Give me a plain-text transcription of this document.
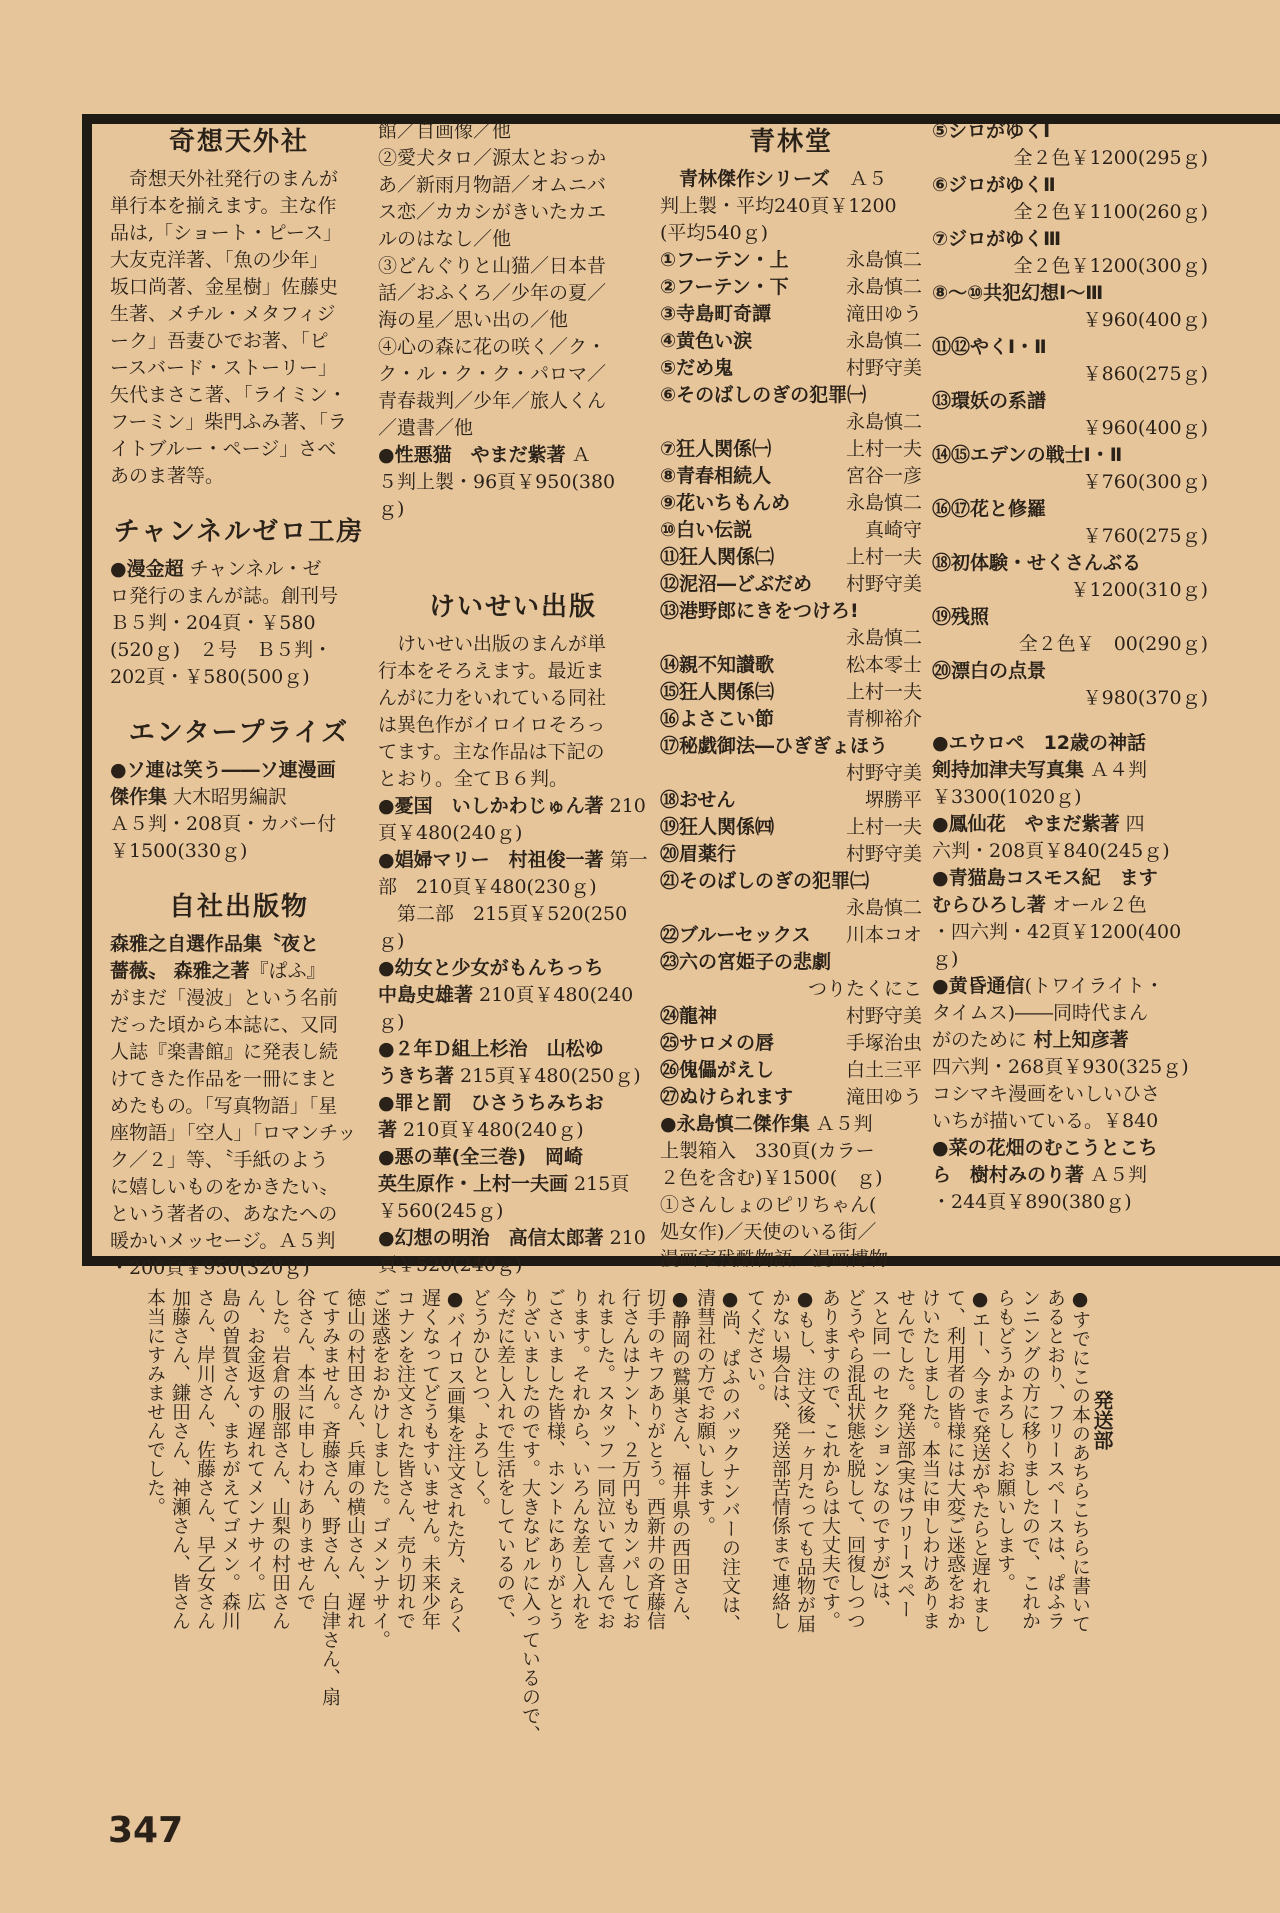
奇想天外社

　奇想天外社発行のまんが

単行本を揃えます。主な作

品は,「ショート・ピース」

大友克洋著、「魚の少年」

坂口尚著、金星樹」佐藤史

生著、メチル・メタフィジ

ーク」吾妻ひでお著、「ピ

ースバード・ストーリー」

矢代まさこ著、「ライミン・

フーミン」柴門ふみ著、「ラ

イトブルー・ページ」さべ

あのま著等。

チャンネルゼロ工房

●漫金超 チャンネル・ゼ

ロ発行のまんが誌。創刊号

Ｂ５判・204頁・￥580

(520ｇ)　２号　Ｂ５判・

202頁・￥580(500ｇ)

エンタープライズ

●ソ連は笑う――ソ連漫画

傑作集 大木昭男編訳

Ａ５判・208頁・カバー付

￥1500(330ｇ)

自社出版物

森雅之自選作品集〝夜と

薔薇〟 森雅之著『ぱふ』

がまだ「漫波」という名前

だった頃から本誌に、又同

人誌『楽書館』に発表し続

けてきた作品を一冊にまと

めたもの。「写真物語」「星

座物語」「空人」「ロマンチッ

ク／２」等、〝手紙のよう

に嬉しいものをかきたい〟

という著者の、あなたへの

暖かいメッセージ。Ａ５判

・200頁￥950(320ｇ)

館／自画像／他

②愛犬タロ／源太とおっか

あ／新雨月物語／オムニバ

ス恋／カカシがきいたカエ

ルのはなし／他

③どんぐりと山猫／日本昔

話／おふくろ／少年の夏／

海の星／思い出の／他

④心の森に花の咲く／ク・

ク・ル・ク・ク・パロマ／

青春裁判／少年／旅人くん

／遺書／他

●性悪猫　やまだ紫著 Ａ

５判上製・96頁￥950(380

ｇ)

けいせい出版

　けいせい出版のまんが単

行本をそろえます。最近ま

んがに力をいれている同社

は異色作がイロイロそろっ

てます。主な作品は下記の

とおり。全てＢ６判。

●憂国　いしかわじゅん著 210頁￥480(240ｇ)

●娼婦マリー　村祖俊一著 第一部　210頁￥480(230ｇ)

　第二部　215頁￥520(250ｇ)

●幼女と少女がもんちっち

中島史雄著 210頁￥480(240ｇ)

●２年Ｄ組上杉治　山松ゆ

うきち著 215頁￥480(250ｇ)

●罪と罰　ひさうちみちお

著 210頁￥480(240ｇ)

●悪の華(全三巻)　岡崎

英生原作・上村一夫画 215頁￥560(245ｇ)

●幻想の明治　高信太郎著 210頁￥520(240ｇ)

青林堂

　青林傑作シリーズ　Ａ５

判上製・平均240頁￥1200

(平均540ｇ)

①フーテン・上	永島慎二

②フーテン・下	永島慎二

③寺島町奇譚	滝田ゆう

④黄色い涙	永島慎二

⑤だめ鬼	村野守美

⑥そのばしのぎの犯罪㈠

永島慎二

⑦狂人関係㈠	上村一夫

⑧青春相続人	宮谷一彦

⑨花いちもんめ	永島慎二

⑩白い伝説	真崎守

⑪狂人関係㈡	上村一夫

⑫泥沼―どぶだめ 村野守美

⑬港野郎にきをつけろ!

永島慎二

⑭親不知讃歌	松本零士

⑮狂人関係㈢	上村一夫

⑯よさこい節	青柳裕介

⑰秘戯御法―ひぎぎょほう

村野守美

⑱おせん	堺勝平

⑲狂人関係㈣	上村一夫

⑳眉薬行	村野守美

㉑そのばしのぎの犯罪㈡

永島慎二

㉒ブルーセックス 川本コオ

㉓六の宮姫子の悲劇

つりたくにこ

㉔龍神	村野守美

㉕サロメの唇	手塚治虫

㉖傀儡がえし	白土三平

㉗ぬけられます	滝田ゆう

●永島慎二傑作集 Ａ５判

上製箱入　330頁(カラー

２色を含む)￥1500(　ｇ)

①さんしょのピリちゃん(

処女作)／天使のいる街／

漫画家残酷物語／漫画博物

⑤シロがゆくⅠ

全２色￥1200(295ｇ)

⑥ジロがゆくⅡ

全２色￥1100(260ｇ)

⑦ジロがゆくⅢ

全２色￥1200(300ｇ)

⑧～⑩共犯幻想Ⅰ～Ⅲ

￥960(400ｇ)

⑪⑫やくⅠ・Ⅱ

￥860(275ｇ)

⑬環妖の系譜

￥960(400ｇ)

⑭⑮エデンの戦士Ⅰ・Ⅱ

￥760(300ｇ)

⑯⑰花と修羅

￥760(275ｇ)

⑱初体験・せくさんぶる

￥1200(310ｇ)

⑲残照

全２色￥　00(290ｇ)

⑳漂白の点景

￥980(370ｇ)

●エウロペ　12歳の神話

剣持加津夫写真集 Ａ４判

￥3300(1020ｇ)

●鳳仙花　やまだ紫著 四

六判・208頁￥840(245ｇ)

●青猫島コスモス紀　ます

むらひろし著 オール２色

・四六判・42頁￥1200(400

ｇ)

●黄昏通信(トワイライト・

タイムス)――同時代まん

がのために 村上知彦著

四六判・268頁￥930(325ｇ)

コシマキ漫画をいしいひさ

いちが描いている。￥840

●菜の花畑のむこうとこち

ら　樹村みのり著 Ａ５判

・244頁￥890(380ｇ)

発送部
●すでにこの本のあちらこちらに書いて
あるとおり、フリースペースは、ぱふラ
ンニングの方に移りましたので、これか
らもどうかよろしくお願いします。
●エー、今まで発送がやたらと遅れまし
て、利用者の皆様には大変ご迷惑をおか
けいたしました。本当に申しわけありま
せんでした。発送部(実はフリースペー
スと同一のセクションなのですが)は、
どうやら混乱状態を脱して、回復しつつ
ありますので、これからは大丈夫です。
●もし、注文後一ヶ月たっても品物が届
かない場合は、発送部苦情係まで連絡し
てください。
●尚、ぱふのバックナンバーの注文は、
清彗社の方でお願いします。
●静岡の鷲巣さん、福井県の西田さん、
切手のキフありがとう。西新井の斉藤信
行さんはナント、２万円もカンパしてお
れました。スタッフ一同泣いて喜んでお
ります。それから、いろんな差し入れを
ごさいました皆様、ホントにありがとう
りざいましたのです。大きなビルに入っているので、
今だに差し入れで生活をしているので、
どうかひとつ、よろしく。
●バイロス画集を注文された方、えらく
遅くなってどうもすいません。未来少年
コナンを注文された皆さん、売り切れで
ご迷惑をおかけしました。ゴメンナサイ。
徳山の村田さん、兵庫の横山さん、遅れ
てすみません。斉藤さん、野さん、白津さん、扇
谷さん、本当に申しわけありませんで
した。岩倉の服部さん、山梨の村田さん
ん、お金返すの遅れてメンナサイ。広
島の曽賀さん、まちがえてゴメン。森川
さん、岸川さん、佐藤さん、早乙女さん
加藤さん、鎌田さん、神瀬さん、皆さん
本当にすみませんでした。
347
